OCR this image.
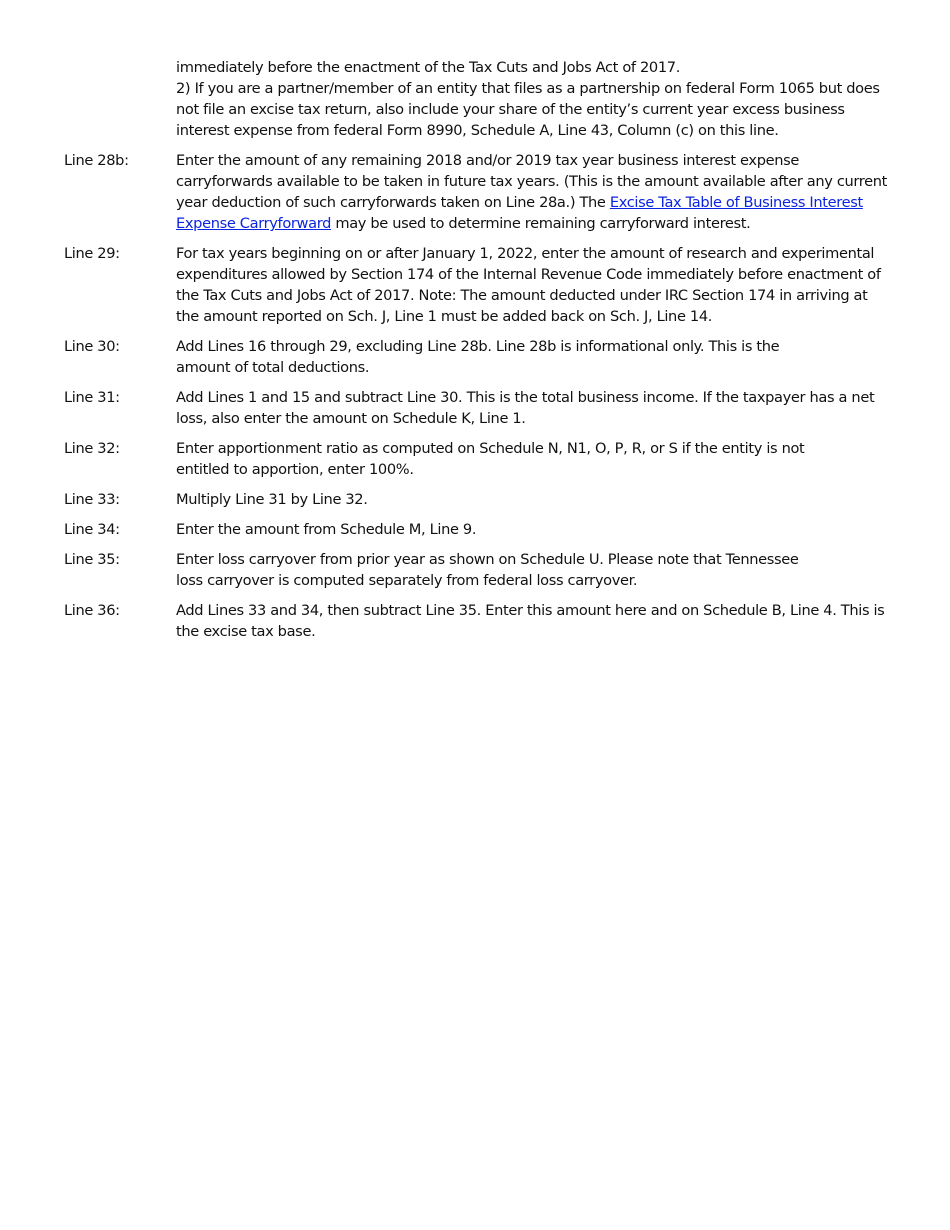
immediately before the enactment of the Tax Cuts and Jobs Act of 2017.
2) If you are a partner/member of an entity that files as a partnership on federal Form 1065 but does not file an excise tax return, also include your share of the entity’s current year excess business interest expense from federal Form 8990, Schedule A, Line 43, Column (c) on this line.
Line 28b:	Enter the amount of any remaining 2018 and/or 2019 tax year business interest expense carryforwards available to be taken in future tax years. (This is the amount available after any current year deduction of such carryforwards taken on Line 28a.) The Excise Tax Table of Business Interest Expense Carryforward may be used to determine remaining carryforward interest.
Line 29:	For tax years beginning on or after January 1, 2022, enter the amount of research and experimental expenditures allowed by Section 174 of the Internal Revenue Code immediately before enactment of the Tax Cuts and Jobs Act of 2017. Note: The amount deducted under IRC Section 174 in arriving at the amount reported on Sch. J, Line 1 must be added back on Sch. J, Line 14.
Line 30:	Add Lines 16 through 29, excluding Line 28b. Line 28b is informational only. This is the
amount of total deductions.
Line 31:	Add Lines 1 and 15 and subtract Line 30. This is the total business income. If the taxpayer has a net loss, also enter the amount on Schedule K, Line 1.
Line 32:	Enter apportionment ratio as computed on Schedule N, N1, O, P, R, or S if the entity is not
entitled to apportion, enter 100%.
Line 33:	Multiply Line 31 by Line 32.
Line 34:	Enter the amount from Schedule M, Line 9.
Line 35:	Enter loss carryover from prior year as shown on Schedule U. Please note that Tennessee
loss carryover is computed separately from federal loss carryover.
Line 36:	Add Lines 33 and 34, then subtract Line 35. Enter this amount here and on Schedule B, Line 4. This is the excise tax base.
